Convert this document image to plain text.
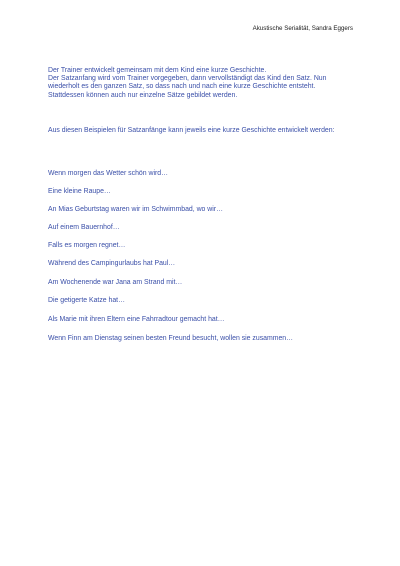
Akustische Serialität, Sandra Eggers

Der Trainer entwickelt gemeinsam mit dem Kind eine kurze Geschichte.

Der Satzanfang wird vom Trainer vorgegeben, dann vervollständigt das Kind den Satz. Nun wiederholt es den ganzen Satz, so dass nach und nach eine kurze Geschichte entsteht.

Stattdessen können auch nur einzelne Sätze gebildet werden.

Aus diesen Beispielen für Satzanfänge kann jeweils eine kurze Geschichte entwickelt werden:

Wenn morgen das Wetter schön wird…
Eine kleine Raupe…
An Mias Geburtstag waren wir im Schwimmbad, wo wir…
Auf einem Bauernhof…
Falls es morgen regnet…
Während des Campingurlaubs hat Paul…
Am Wochenende war Jana am Strand mit…
Die getigerte Katze hat…
Als Marie mit ihren Eltern eine Fahrradtour gemacht hat…
Wenn Finn am Dienstag seinen besten Freund besucht, wollen sie zusammen…
